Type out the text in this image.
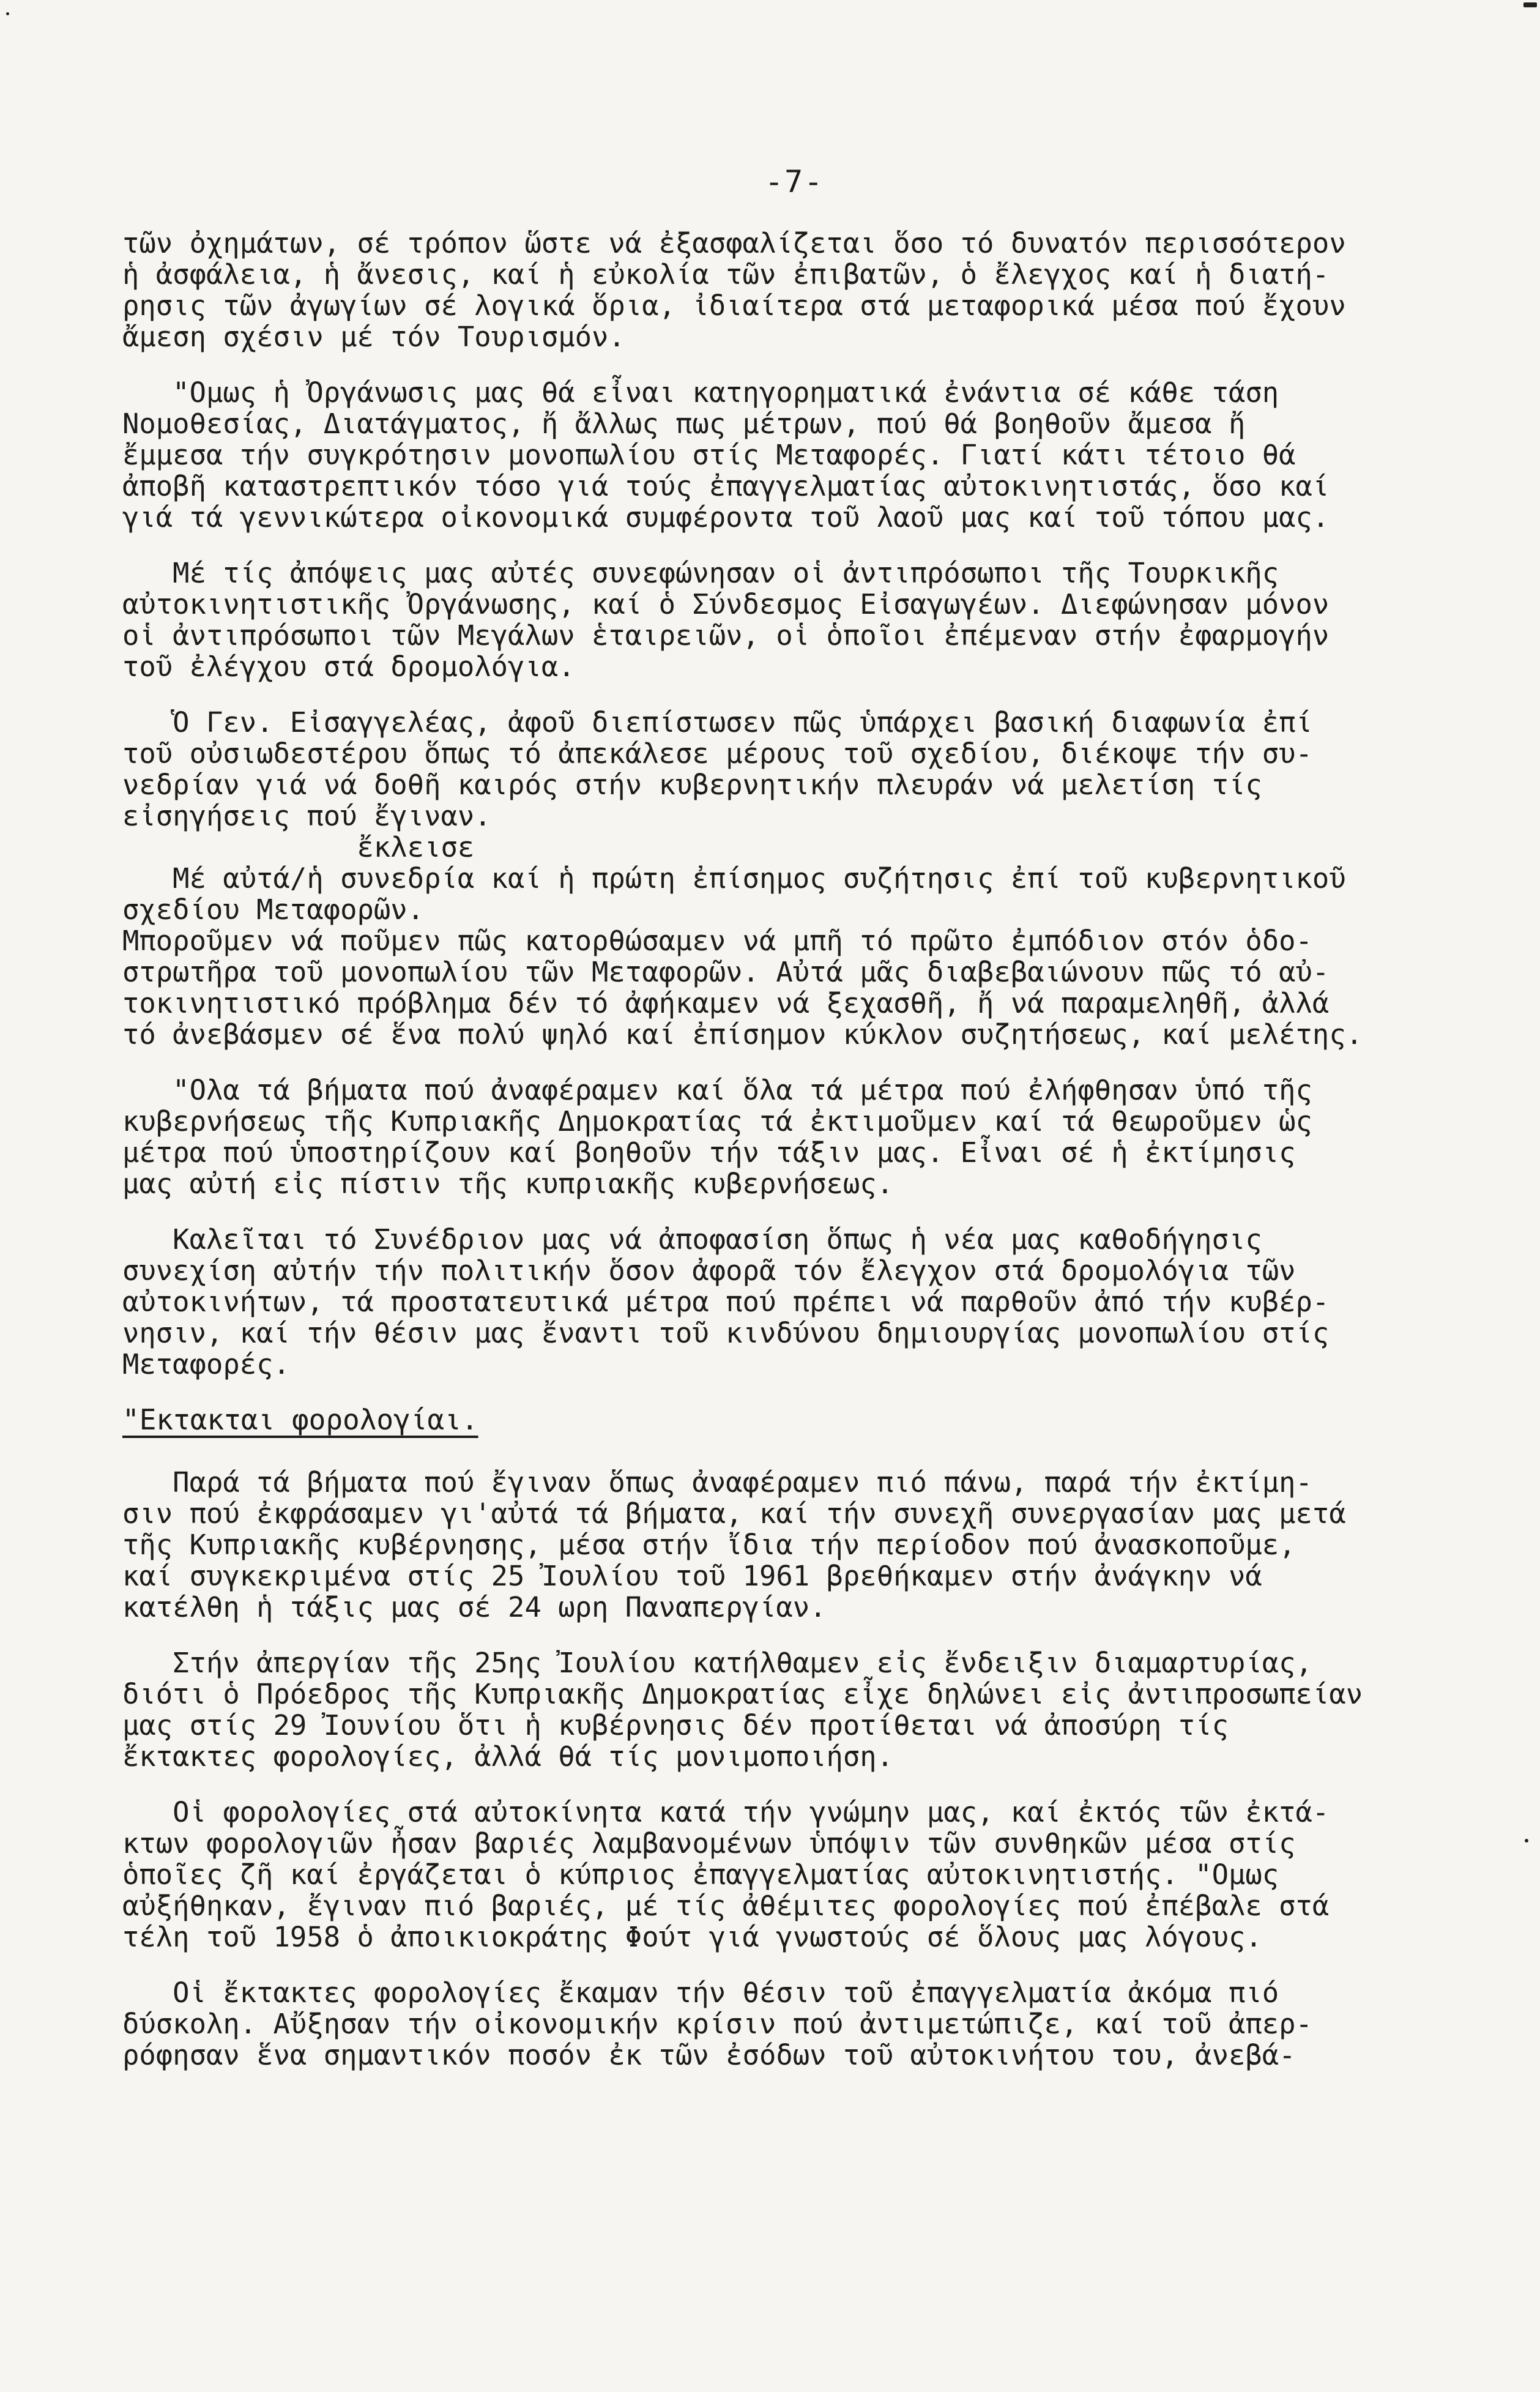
-7-

τῶν ὀχημάτων, σέ τρόπον ὥστε νά ἐξασφαλίζεται ὅσο τό δυνατόν περισσότερον

ἡ ἀσφάλεια, ἡ ἄνεσις, καί ἡ εὐκολία τῶν ἐπιβατῶν, ὁ ἔλεγχος καί ἡ διατή-

ρησις τῶν ἀγωγίων σέ λογικά ὅρια, ἰδιαίτερα στά μεταφορικά μέσα πού ἔχουν

ἄμεση σχέσιν μέ τόν Τουρισμόν.

"Ομως ἡ Ὀργάνωσις μας θά εἶναι κατηγορηματικά ἐνάντια σέ κάθε τάση

Νομοθεσίας, Διατάγματος, ἤ ἄλλως πως μέτρων, πού θά βοηθοῦν ἄμεσα ἤ

ἔμμεσα τήν συγκρότησιν μονοπωλίου στίς Μεταφορές. Γιατί κάτι τέτοιο θά

ἀποβῆ καταστρεπτικόν τόσο γιά τούς ἐπαγγελματίας αὐτοκινητιστάς, ὅσο καί

γιά τά γεννικώτερα οἰκονομικά συμφέροντα τοῦ λαοῦ μας καί τοῦ τόπου μας.

Μέ τίς ἀπόψεις μας αὐτές συνεφώνησαν οἱ ἀντιπρόσωποι τῆς Τουρκικῆς

αὐτοκινητιστικῆς Ὀργάνωσης, καί ὁ Σύνδεσμος Εἰσαγωγέων. Διεφώνησαν μόνον

οἱ ἀντιπρόσωποι τῶν Μεγάλων ἑταιρειῶν, οἱ ὁποῖοι ἐπέμεναν στήν ἐφαρμογήν

τοῦ ἐλέγχου στά δρομολόγια.

Ὁ Γεν. Εἰσαγγελέας, ἀφοῦ διεπίστωσεν πῶς ὑπάρχει βασική διαφωνία ἐπί

τοῦ οὐσιωδεστέρου ὅπως τό ἀπεκάλεσε μέρους τοῦ σχεδίου, διέκοψε τήν συ-

νεδρίαν γιά νά δοθῆ καιρός στήν κυβερνητικήν πλευράν νά μελετίση τίς

εἰσηγήσεις πού ἔγιναν.

ἔκλεισε

Μέ αὐτά/ἡ συνεδρία καί ἡ πρώτη ἐπίσημος συζήτησις ἐπί τοῦ κυβερνητικοῦ

σχεδίου Μεταφορῶν.

Μποροῦμεν νά ποῦμεν πῶς κατορθώσαμεν νά μπῆ τό πρῶτο ἐμπόδιον στόν ὁδο-

στρωτῆρα τοῦ μονοπωλίου τῶν Μεταφορῶν. Αὐτά μᾶς διαβεβαιώνουν πῶς τό αὐ-

τοκινητιστικό πρόβλημα δέν τό ἀφήκαμεν νά ξεχασθῆ, ἤ νά παραμεληθῆ, ἀλλά

τό ἀνεβάσμεν σέ ἕνα πολύ ψηλό καί ἐπίσημον κύκλον συζητήσεως, καί μελέτης.

"Ολα τά βήματα πού ἀναφέραμεν καί ὅλα τά μέτρα πού ἐλήφθησαν ὑπό τῆς

κυβερνήσεως τῆς Κυπριακῆς Δημοκρατίας τά ἐκτιμοῦμεν καί τά θεωροῦμεν ὡς

μέτρα πού ὑποστηρίζουν καί βοηθοῦν τήν τάξιν μας. Εἶναι σέ ἡ ἐκτίμησις

μας αὐτή εἰς πίστιν τῆς κυπριακῆς κυβερνήσεως.

Καλεῖται τό Συνέδριον μας νά ἀποφασίση ὅπως ἡ νέα μας καθοδήγησις

συνεχίση αὐτήν τήν πολιτικήν ὅσον ἀφορᾶ τόν ἔλεγχον στά δρομολόγια τῶν

αὐτοκινήτων, τά προστατευτικά μέτρα πού πρέπει νά παρθοῦν ἀπό τήν κυβέρ-

νησιν, καί τήν θέσιν μας ἔναντι τοῦ κινδύνου δημιουργίας μονοπωλίου στίς

Μεταφορές.

"Εκτακται φορολογίαι.

Παρά τά βήματα πού ἔγιναν ὅπως ἀναφέραμεν πιό πάνω, παρά τήν ἐκτίμη-

σιν πού ἐκφράσαμεν γι'αὐτά τά βήματα, καί τήν συνεχῆ συνεργασίαν μας μετά

τῆς Κυπριακῆς κυβέρνησης, μέσα στήν ἴδια τήν περίοδον πού ἀνασκοποῦμε,

καί συγκεκριμένα στίς 25 Ἰουλίου τοῦ 1961 βρεθήκαμεν στήν ἀνάγκην νά

κατέλθη ἡ τάξις μας σέ 24 ωρη Παναπεργίαν.

Στήν ἀπεργίαν τῆς 25ης Ἰουλίου κατήλθαμεν εἰς ἔνδειξιν διαμαρτυρίας,

διότι ὁ Πρόεδρος τῆς Κυπριακῆς Δημοκρατίας εἶχε δηλώνει εἰς ἀντιπροσωπείαν

μας στίς 29 Ἰουνίου ὅτι ἡ κυβέρνησις δέν προτίθεται νά ἀποσύρη τίς

ἔκτακτες φορολογίες, ἀλλά θά τίς μονιμοποιήση.

Οἱ φορολογίες στά αὐτοκίνητα κατά τήν γνώμην μας, καί ἐκτός τῶν ἐκτά-

κτων φορολογιῶν ἦσαν βαριές λαμβανομένων ὑπόψιν τῶν συνθηκῶν μέσα στίς

ὁποῖες ζῆ καί ἐργάζεται ὁ κύπριος ἐπαγγελματίας αὐτοκινητιστής. "Ομως

αὐξήθηκαν, ἔγιναν πιό βαριές, μέ τίς ἀθέμιτες φορολογίες πού ἐπέβαλε στά

τέλη τοῦ 1958 ὁ ἀποικιοκράτης Φούτ γιά γνωστούς σέ ὅλους μας λόγους.

Οἱ ἔκτακτες φορολογίες ἔκαμαν τήν θέσιν τοῦ ἐπαγγελματία ἀκόμα πιό

δύσκολη. Αὔξησαν τήν οἰκονομικήν κρίσιν πού ἀντιμετώπιζε, καί τοῦ ἀπερ-

ρόφησαν ἕνα σημαντικόν ποσόν ἐκ τῶν ἐσόδων τοῦ αὐτοκινήτου του, ἀνεβά-
